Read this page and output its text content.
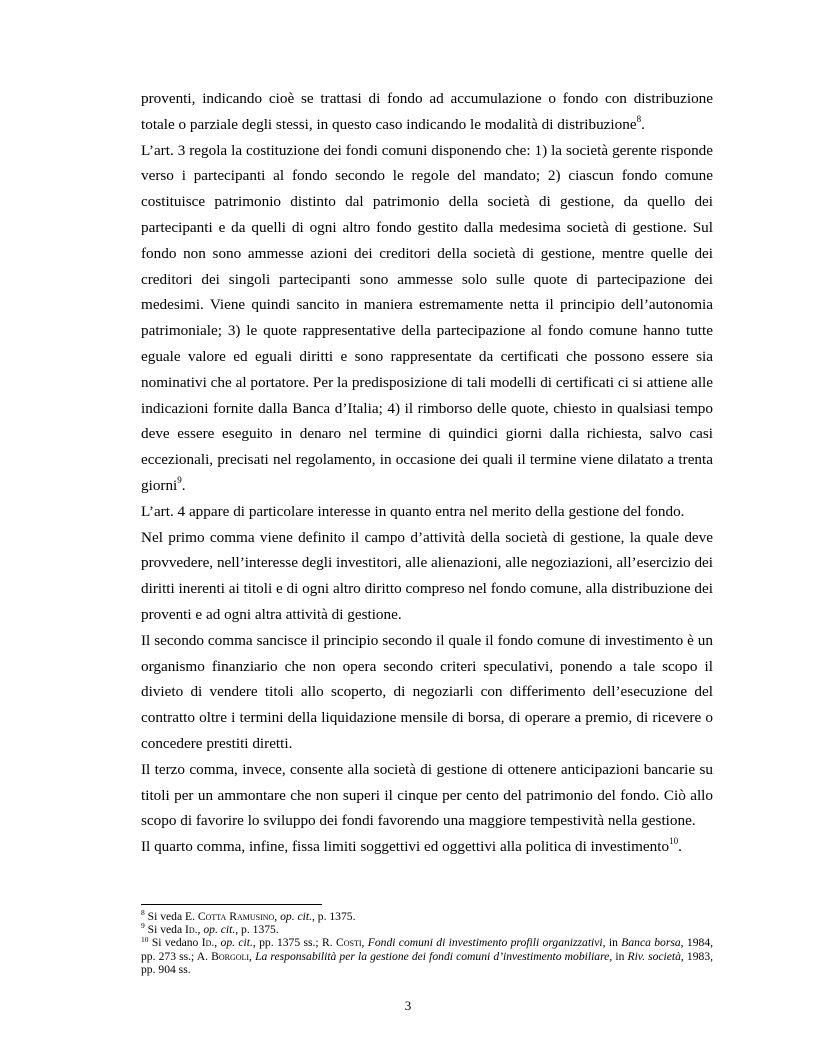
proventi, indicando cioè se trattasi di fondo ad accumulazione o fondo con distribuzione totale o parziale degli stessi, in questo caso indicando le modalità di distribuzione$^8$.

L’art. 3 regola la costituzione dei fondi comuni disponendo che: 1) la società gerente risponde verso i partecipanti al fondo secondo le regole del mandato; 2) ciascun fondo comune costituisce patrimonio distinto dal patrimonio della società di gestione, da quello dei partecipanti e da quelli di ogni altro fondo gestito dalla medesima società di gestione. Sul fondo non sono ammesse azioni dei creditori della società di gestione, mentre quelle dei creditori dei singoli partecipanti sono ammesse solo sulle quote di partecipazione dei medesimi. Viene quindi sancito in maniera estremamente netta il principio dell’autonomia patrimoniale; 3) le quote rappresentative della partecipazione al fondo comune hanno tutte eguale valore ed eguali diritti e sono rappresentate da certificati che possono essere sia nominativi che al portatore. Per la predisposizione di tali modelli di certificati ci si attiene alle indicazioni fornite dalla Banca d’Italia; 4) il rimborso delle quote, chiesto in qualsiasi tempo deve essere eseguito in denaro nel termine di quindici giorni dalla richiesta, salvo casi eccezionali, precisati nel regolamento, in occasione dei quali il termine viene dilatato a trenta giorni$^9$.

L’art. 4 appare di particolare interesse in quanto entra nel merito della gestione del fondo.

Nel primo comma viene definito il campo d’attività della società di gestione, la quale deve provvedere, nell’interesse degli investitori, alle alienazioni, alle negoziazioni, all’esercizio dei diritti inerenti ai titoli e di ogni altro diritto compreso nel fondo comune, alla distribuzione dei proventi e ad ogni altra attività di gestione.

Il secondo comma sancisce il principio secondo il quale il fondo comune di investimento è un organismo finanziario che non opera secondo criteri speculativi, ponendo a tale scopo il divieto di vendere titoli allo scoperto, di negoziarli con differimento dell’esecuzione del contratto oltre i termini della liquidazione mensile di borsa, di operare a premio, di ricevere o concedere prestiti diretti.

Il terzo comma, invece, consente alla società di gestione di ottenere anticipazioni bancarie su titoli per un ammontare che non superi il cinque per cento del patrimonio del fondo. Ciò allo scopo di favorire lo sviluppo dei fondi favorendo una maggiore tempestività nella gestione.

Il quarto comma, infine, fissa limiti soggettivi ed oggettivi alla politica di investimento$^{10}$.

$^8$ Si veda E. Cotta Ramusino, op. cit., p. 1375.

$^9$ Si veda Id., op. cit., p. 1375.

$^{10}$ Si vedano Id., op. cit., pp. 1375 ss.; R. Costi, Fondi comuni di investimento profili organizzativi, in Banca borsa, 1984, pp. 273 ss.; A. Borgoli, La responsabilità per la gestione dei fondi comuni d’investimento mobiliare, in Riv. società, 1983, pp. 904 ss.

3
